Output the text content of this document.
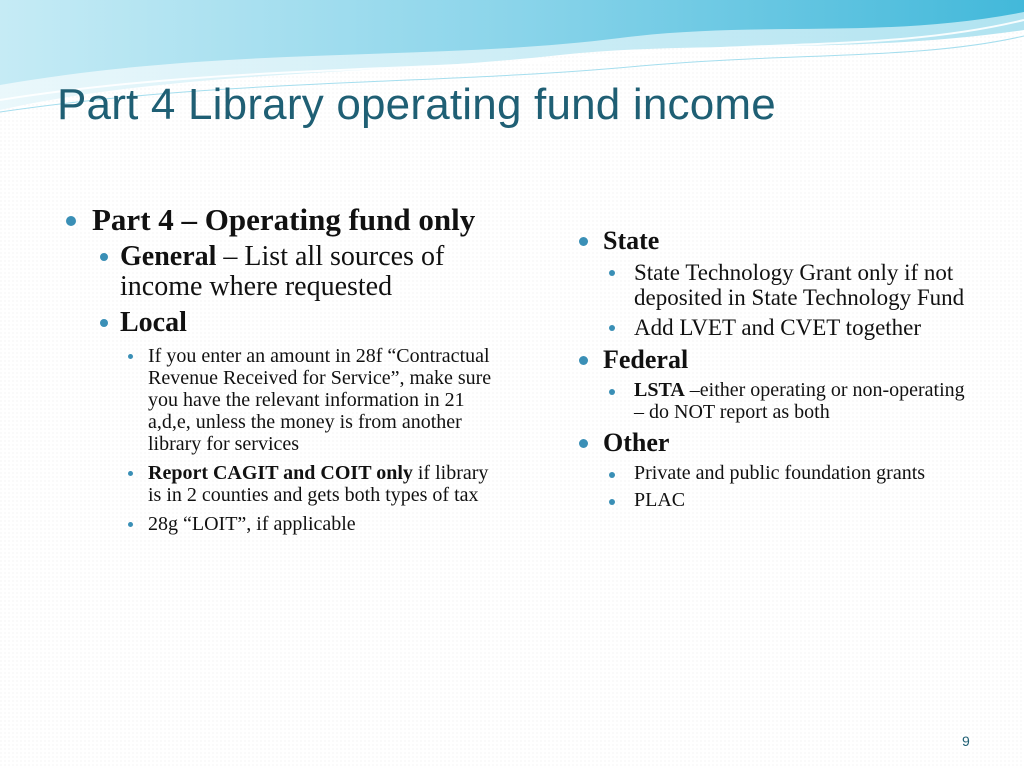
Part 4 Library operating fund income
Part 4 – Operating fund only
General – List all sources of income where requested
Local
If you enter an amount in 28f “Contractual Revenue Received for Service”, make sure you have the relevant information in 21 a,d,e, unless the money is from another library for services
Report CAGIT and COIT only if library is in 2 counties and gets both types of tax
28g “LOIT”, if applicable
State
State Technology Grant only if not deposited in State Technology Fund
Add LVET and CVET together
Federal
LSTA –either operating or non-operating – do NOT report as both
Other
Private and public foundation grants
PLAC
9
